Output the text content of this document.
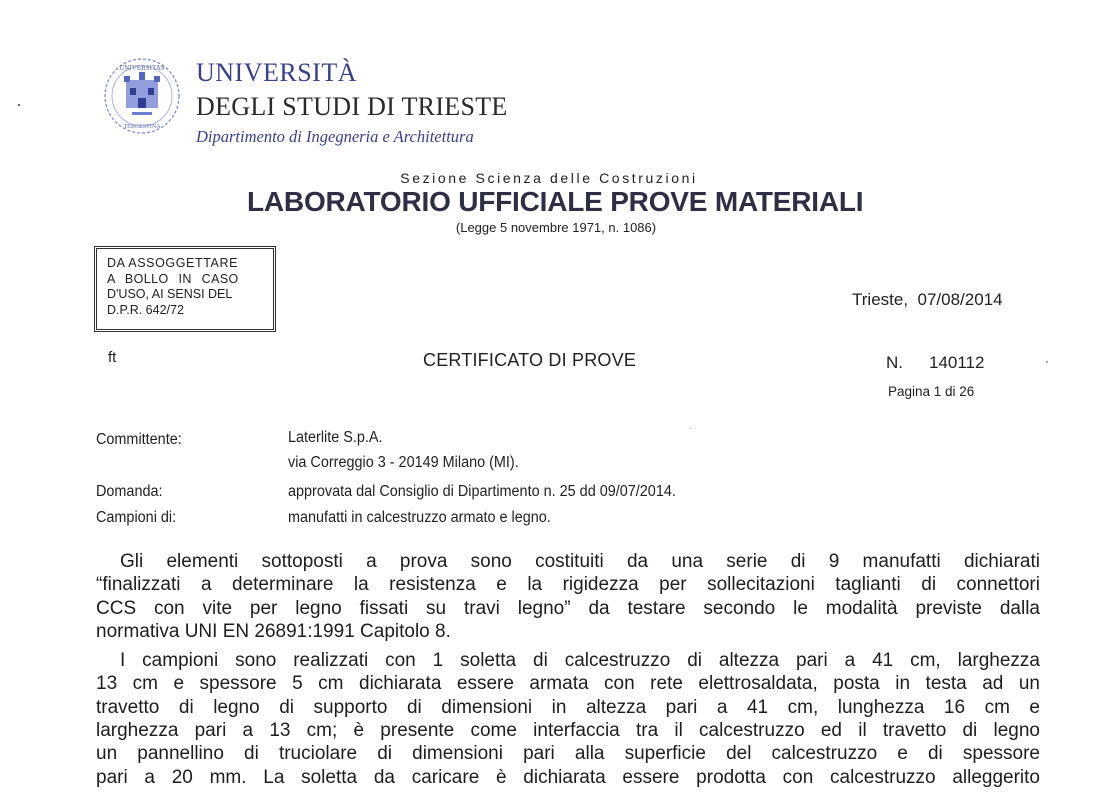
UNIVERSITAS
TERGESTINA
UNIVERSITÀ
DEGLI STUDI DI TRIESTE
Dipartimento di Ingegneria e Architettura
Sezione Scienza delle Costruzioni
LABORATORIO UFFICIALE PROVE MATERIALI
(Legge 5 novembre 1971, n. 1086)
DA ASSOGGETTARE
A BOLLO IN CASO
D'USO, AI SENSI DEL
D.P.R. 642/72
Trieste,  07/08/2014
ft	CERTIFICATO DI PROVE	N. 140112
Pagina 1 di 26
Committente:	Laterlite S.p.A.
via Correggio 3 - 20149 Milano (MI).
Domanda:	approvata dal Consiglio di Dipartimento n. 25 dd 09/07/2014.
Campioni di:	manufatti in calcestruzzo armato e legno.
Gli elementi sottoposti a prova sono costituiti da una serie di 9 manufatti dichiarati
“finalizzati a determinare la resistenza e la rigidezza per sollecitazioni taglianti di connettori
CCS con vite per legno fissati su travi legno” da testare secondo le modalità previste dalla
normativa UNI EN 26891:1991 Capitolo 8.
I campioni sono realizzati con 1 soletta di calcestruzzo di altezza pari a 41 cm, larghezza
13 cm e spessore 5 cm dichiarata essere armata con rete elettrosaldata, posta in testa ad un
travetto di legno di supporto di dimensioni in altezza pari a 41 cm, lunghezza 16 cm e
larghezza pari a 13 cm; è presente come interfaccia tra il calcestruzzo ed il travetto di legno
un pannellino di truciolare di dimensioni pari alla superficie del calcestruzzo e di spessore
pari a 20 mm. La soletta da caricare è dichiarata essere prodotta con calcestruzzo alleggerito
